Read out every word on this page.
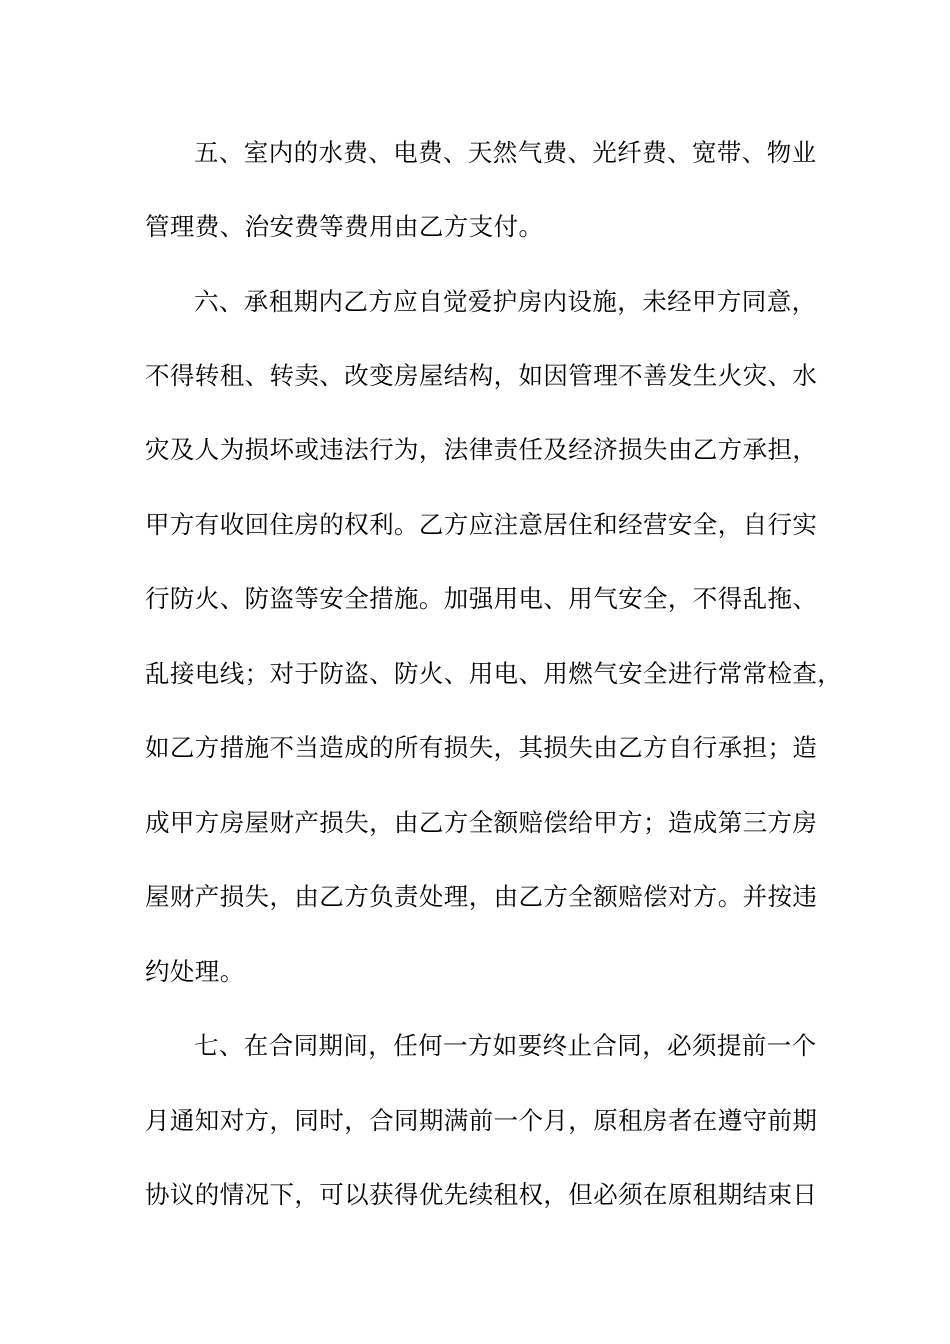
五、室内的水费、电费、天然气费、光纤费、宽带、物业
管理费、治安费等费用由乙方支付。
六、承租期内乙方应自觉爱护房内设施，未经甲方同意，
不得转租、转卖、改变房屋结构，如因管理不善发生火灾、水
灾及人为损坏或违法行为，法律责任及经济损失由乙方承担，
甲方有收回住房的权利。乙方应注意居住和经营安全，自行实
行防火、防盗等安全措施。加强用电、用气安全，不得乱拖、
乱接电线；对于防盗、防火、用电、用燃气安全进行常常检查，
如乙方措施不当造成的所有损失，其损失由乙方自行承担；造
成甲方房屋财产损失，由乙方全额赔偿给甲方；造成第三方房
屋财产损失，由乙方负责处理，由乙方全额赔偿对方。并按违
约处理。
七、在合同期间，任何一方如要终止合同，必须提前一个
月通知对方，同时，合同期满前一个月，原租房者在遵守前期
协议的情况下，可以获得优先续租权，但必须在原租期结束日
